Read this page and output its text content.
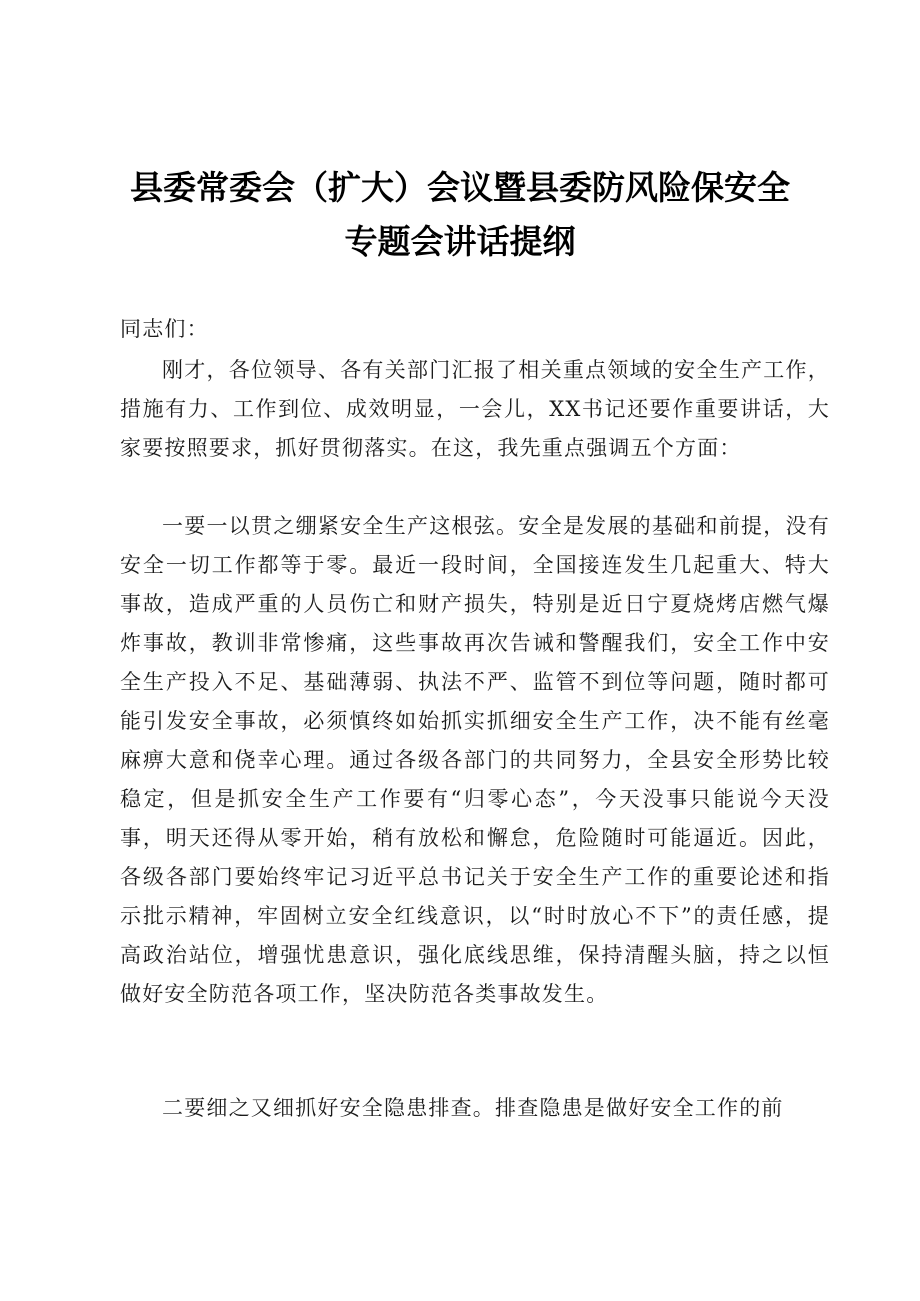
县委常委会（扩大）会议暨县委防风险保安全
专题会讲话提纲
同志们：

刚才，各位领导、各有关部门汇报了相关重点领域的安全生产工作，措施有力、工作到位、成效明显，一会儿，XX书记还要作重要讲话，大家要按照要求，抓好贯彻落实。在这，我先重点强调五个方面：

一要一以贯之绷紧安全生产这根弦。安全是发展的基础和前提，没有安全一切工作都等于零。最近一段时间，全国接连发生几起重大、特大事故，造成严重的人员伤亡和财产损失，特别是近日宁夏烧烤店燃气爆炸事故，教训非常惨痛，这些事故再次告诫和警醒我们，安全工作中安全生产投入不足、基础薄弱、执法不严、监管不到位等问题，随时都可能引发安全事故，必须慎终如始抓实抓细安全生产工作，决不能有丝毫麻痹大意和侥幸心理。通过各级各部门的共同努力，全县安全形势比较稳定，但是抓安全生产工作要有“归零心态”，今天没事只能说今天没事，明天还得从零开始，稍有放松和懈怠，危险随时可能逼近。因此，各级各部门要始终牢记习近平总书记关于安全生产工作的重要论述和指示批示精神，牢固树立安全红线意识，以“时时放心不下”的责任感，提高政治站位，增强忧患意识，强化底线思维，保持清醒头脑，持之以恒做好安全防范各项工作，坚决防范各类事故发生。

二要细之又细抓好安全隐患排查。排查隐患是做好安全工作的前
